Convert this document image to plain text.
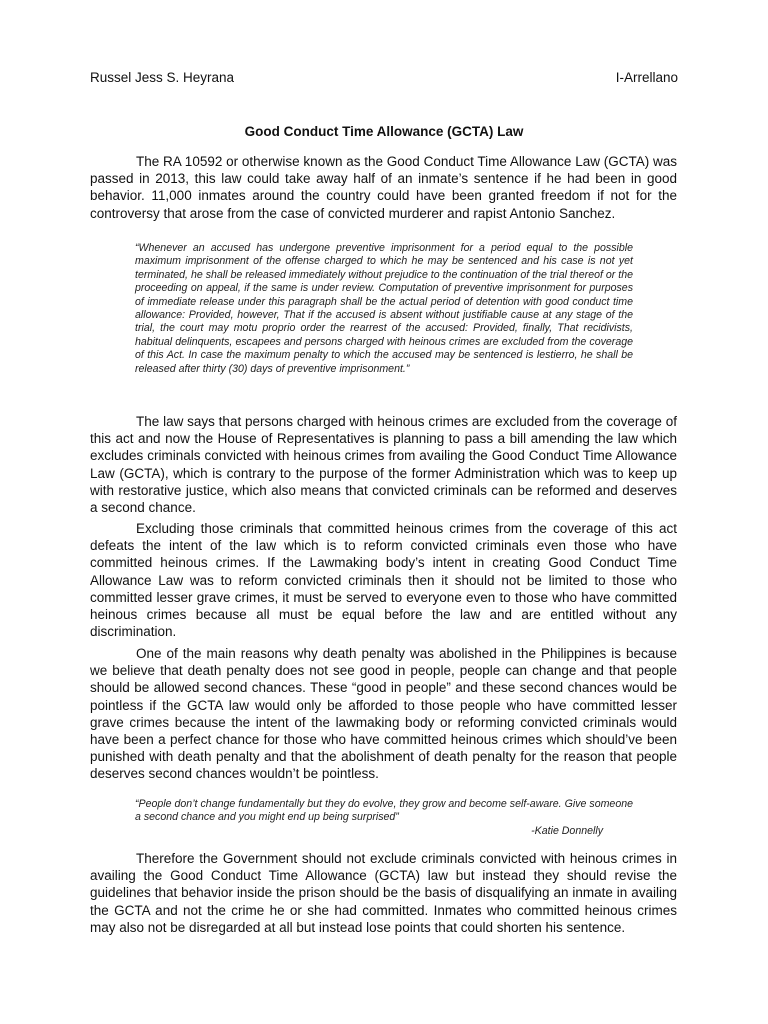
Russel Jess S. Heyrana	I-Arrellano
Good Conduct Time Allowance (GCTA) Law

The RA 10592 or otherwise known as the Good Conduct Time Allowance Law (GCTA) was passed in 2013, this law could take away half of an inmate’s sentence if he had been in good behavior. 11,000 inmates around the country could have been granted freedom if not for the controversy that arose from the case of convicted murderer and rapist Antonio Sanchez.

“Whenever an accused has undergone preventive imprisonment for a period equal to the possible maximum imprisonment of the offense charged to which he may be sentenced and his case is not yet terminated, he shall be released immediately without prejudice to the continuation of the trial thereof or the proceeding on appeal, if the same is under review. Computation of preventive imprisonment for purposes of immediate release under this paragraph shall be the actual period of detention with good conduct time allowance: Provided, however, That if the accused is absent without justifiable cause at any stage of the trial, the court may motu proprio order the rearrest of the accused: Provided, finally, That recidivists, habitual delinquents, escapees and persons charged with heinous crimes are excluded from the coverage of this Act. In case the maximum penalty to which the accused may be sentenced is lestierro, he shall be released after thirty (30) days of preventive imprisonment.”

The law says that persons charged with heinous crimes are excluded from the coverage of this act and now the House of Representatives is planning to pass a bill amending the law which excludes criminals convicted with heinous crimes from availing the Good Conduct Time Allowance Law (GCTA), which is contrary to the purpose of the former Administration which was to keep up with restorative justice, which also means that convicted criminals can be reformed and deserves a second chance.

Excluding those criminals that committed heinous crimes from the coverage of this act defeats the intent of the law which is to reform convicted criminals even those who have committed heinous crimes. If the Lawmaking body’s intent in creating Good Conduct Time Allowance Law was to reform convicted criminals then it should not be limited to those who committed lesser grave crimes, it must be served to everyone even to those who have committed heinous crimes because all must be equal before the law and are entitled without any discrimination.

One of the main reasons why death penalty was abolished in the Philippines is because we believe that death penalty does not see good in people, people can change and that people should be allowed second chances. These “good in people” and these second chances would be pointless if the GCTA law would only be afforded to those people who have committed lesser grave crimes because the intent of the lawmaking body or reforming convicted criminals would have been a perfect chance for those who have committed heinous crimes which should’ve been punished with death penalty and that the abolishment of death penalty for the reason that people deserves second chances wouldn’t be pointless.

“People don’t change fundamentally but they do evolve, they grow and become self-aware. Give someone a second chance and you might end up being surprised”
-Katie Donnelly

Therefore the Government should not exclude criminals convicted with heinous crimes in availing the Good Conduct Time Allowance (GCTA) law but instead they should revise the guidelines that behavior inside the prison should be the basis of disqualifying an inmate in availing the GCTA and not the crime he or she had committed. Inmates who committed heinous crimes may also not be disregarded at all but instead lose points that could shorten his sentence.
